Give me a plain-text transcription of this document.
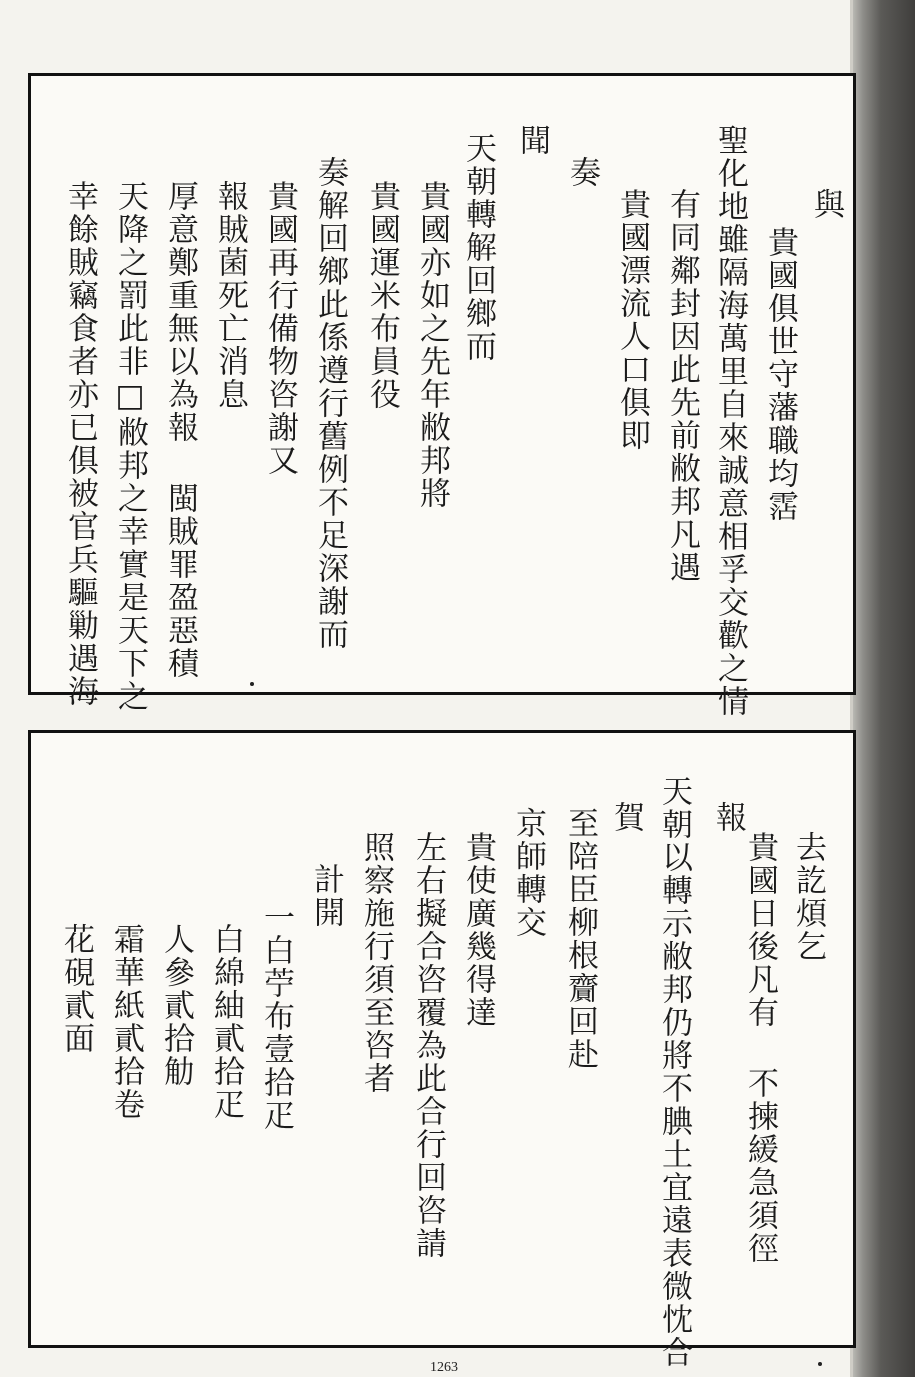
與
貴國俱世守藩職均霑
聖化地雖隔海萬里自來誠意相孚交歡之情
有同鄰封因此先前敝邦凡遇
貴國漂流人口俱即
奏
聞
天朝轉解回鄉而
貴國亦如之先年敝邦將
貴國運米布員役
奏解回鄉此係遵行舊例不足深謝而
貴國再行備物咨謝又
報賊菌死亡消息
厚意鄭重無以為報 閩賊罪盈惡積
天降之罰此非□敝邦之幸實是天下之
幸餘賊竊食者亦已俱被官兵驅勦遇海
去訖煩乞
貴國日後凡有 不揀緩急須徑
報
天朝以轉示敝邦仍將不腆土宜遠表微忱合
賀
至陪臣柳根齎回赴
京師轉交
貴使廣幾得達
左右擬合咨覆為此合行回咨請
照察施行須至咨者
計開
一白苧布壹拾疋
白綿紬貳拾疋
人參貳拾觔
霜華紙貳拾卷
花硯貳面
1263
